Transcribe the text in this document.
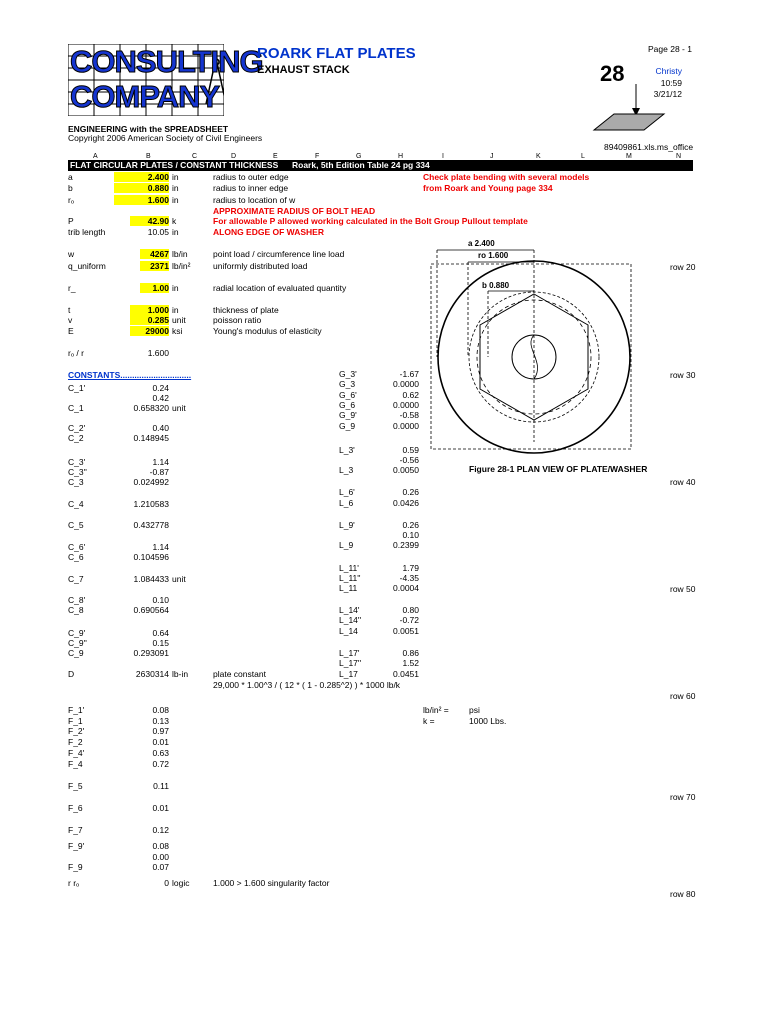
CONSULTING
COMPANY
ROARK FLAT PLATES
EXHAUST STACK
Page 28 - 1
28	Christy
10:59
3/21/12
ENGINEERING with the SPREADSHEET
Copyright 2006 American Society of Civil Engineers
89409861.xls.ms_office
A	B	C	D	E	F	G	H	I	J	K	L	M	N
FLAT CIRCULAR PLATES / CONSTANT THICKNESS Roark, 5th Edition Table 24 pg 334
a	2.400 in	radius to outer edge
b	0.880 in	radius to inner edge
rₒ	1.600 in	radius to location of w
Check plate bending with several models
from Roark and Young page 334
APPROXIMATE RADIUS OF BOLT HEAD
For allowable P allowed working calculated in the Bolt Group Pullout template
ALONG EDGE OF WASHER
P	42.90 k
trib length	10.05 in
w	4267 lb/in	point load / circumference line load
q_uniform	2371 lb/in²	uniformly distributed load
r_	1.00 in	radial location of evaluated quantity
t	1.000 in	thickness of plate
v	0.285 unit	poisson ratio
E	29000 ksi	Young's modulus of elasticity
rₒ / r	1.600
CONSTANTS..............................
row 20
row 30
row 40
row 50
row 60
row 70
row 80
C_1'	0.24
0.42
C_1	0.658320 unit
C_2'	0.40
C_2	0.148945
C_3'	1.14
C_3''	-0.87
C_3	0.024992
C_4	1.210583
C_5	0.432778
C_6'	1.14
C_6	0.104596
C_7	1.084433 unit
C_8'	0.10
C_8	0.690564
C_9'	0.64
C_9''	0.15
C_9	0.293091
G_3'	-1.67
G_3	0.0000
G_6'	0.62
G_6	0.0000
G_9'	-0.58
G_9	0.0000
L_3'	0.59
-0.56
L_3	0.0050
L_6'	0.26
L_6	0.0426
L_9'	0.26
0.10
L_9	0.2399
L_11'	1.79
L_11''	-4.35
L_11	0.0004
L_14'	0.80
L_14''	-0.72
L_14	0.0051
L_17'	0.86
L_17''	1.52
L_17	0.0451
F_1'	0.08
F_1	0.13
F_2'	0.97
F_2	0.01
F_4'	0.63
F_4	0.72
F_5	0.11
F_6	0.01
F_7	0.12
F_9'	0.08
0.00
F_9	0.07
D	2630314 lb-in	plate constant
29,000 * 1.00^3 / ( 12 * ( 1 - 0.285^2) ) * 1000 lb/k
lb/in² = psi
k =	1000 Lbs.
r rₒ	0 logic	1.000 > 1.600 singularity factor
a 2.400
ro 1.600
b 0.880
Figure 28-1 PLAN VIEW OF PLATE/WASHER
